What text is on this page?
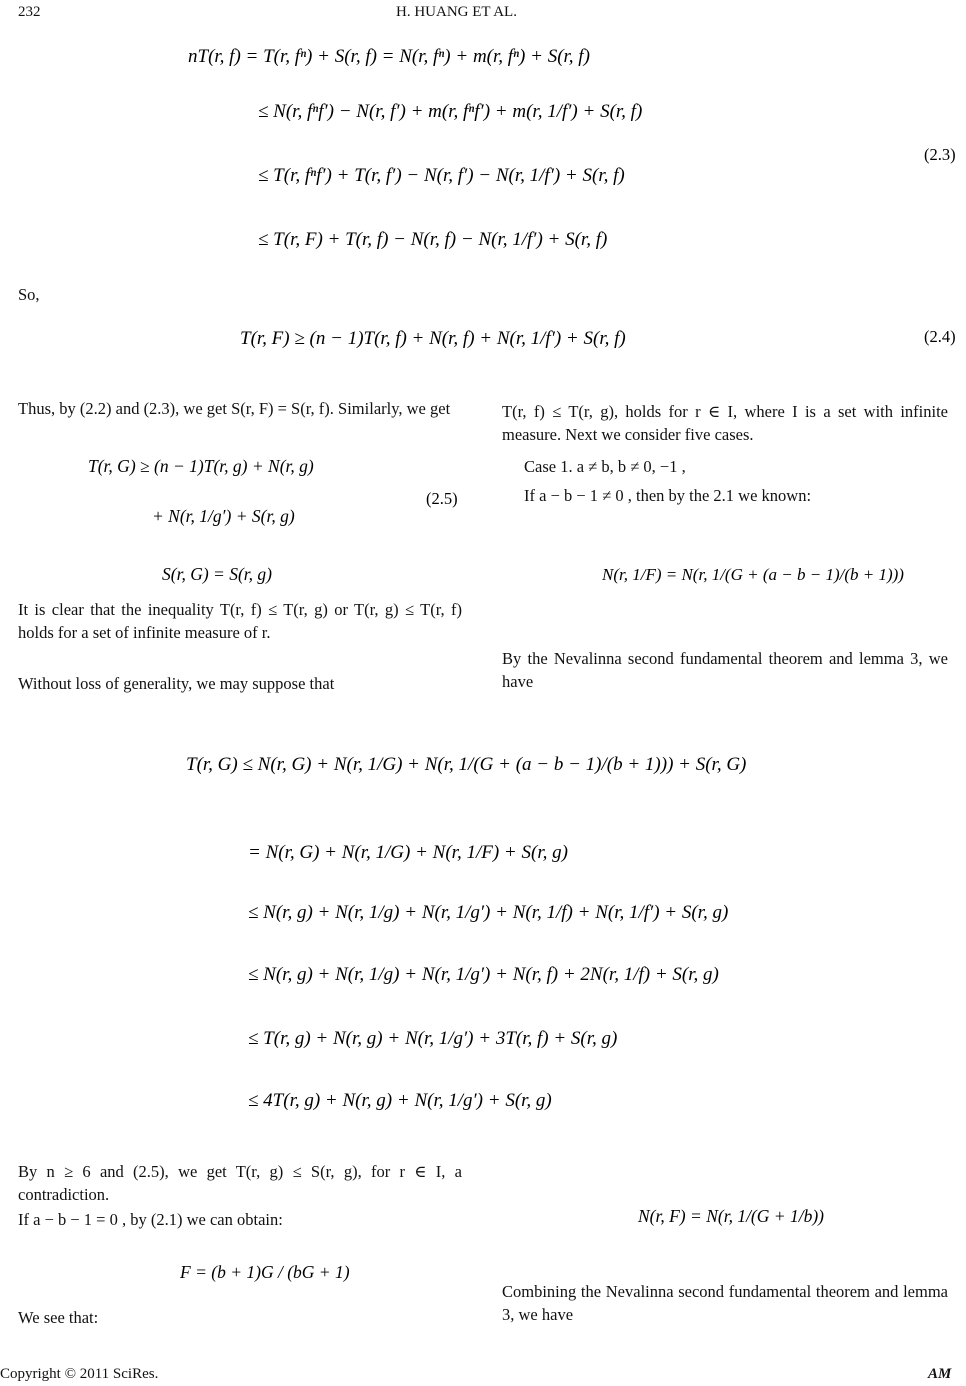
232	H. HUANG ET AL.
nT(r, f) = T(r, fⁿ) + S(r, f) = N(r, fⁿ) + m(r, fⁿ) + S(r, f)
≤ N(r, fⁿf′) − N(r, f′) + m(r, fⁿf′) + m(r, 1/f′) + S(r, f)
≤ T(r, fⁿf′) + T(r, f′) − N(r, f′) − N(r, 1/f′) + S(r, f)
≤ T(r, F) + T(r, f) − N(r, f) − N(r, 1/f′) + S(r, f)
(2.3)
T(r, F) ≥ (n − 1)T(r, f) + N(r, f) + N(r, 1/f′) + S(r, f)	(2.4)
T(r, G) ≥ (n − 1)T(r, g) + N(r, g)
+ N(r, 1/g′) + S(r, g)
S(r, G) = S(r, g)
(2.5)
N(r, 1/F) = N(r, 1/(G + (a − b − 1)/(b + 1)))
T(r, G) ≤ N(r, G) + N(r, 1/G) + N(r, 1/(G + (a − b − 1)/(b + 1))) + S(r, G)
= N(r, G) + N(r, 1/G) + N(r, 1/F) + S(r, g)
≤ N(r, g) + N(r, 1/g) + N(r, 1/g′) + N(r, 1/f) + N(r, 1/f′) + S(r, g)
≤ N(r, g) + N(r, 1/g) + N(r, 1/g′) + N(r, f) + 2N(r, 1/f) + S(r, g)
≤ T(r, g) + N(r, g) + N(r, 1/g′) + 3T(r, f) + S(r, g)
≤ 4T(r, g) + N(r, g) + N(r, 1/g′) + S(r, g)
F = (b + 1)G / (bG + 1)
N(r, F) = N(r, 1/(G + 1/b))
So,
Thus, by (2.2) and (2.3), we get S(r, F) = S(r, f). Similarly, we get
It is clear that the inequality T(r, f) ≤ T(r, g) or T(r, g) ≤ T(r, f) holds for a set of infinite measure of r.
Without loss of generality, we may suppose that
T(r, f) ≤ T(r, g), holds for r ∈ I, where I is a set with infinite measure. Next we consider five cases.
Case 1. a ≠ b, b ≠ 0, −1 ,
If a − b − 1 ≠ 0 , then by the 2.1 we known:
By the Nevalinna second fundamental theorem and lemma 3, we have
By n ≥ 6 and (2.5), we get T(r, g) ≤ S(r, g), for r ∈ I, a contradiction.
If a − b − 1 = 0 , by (2.1) we can obtain:
We see that:
Combining the Nevalinna second fundamental theorem and lemma 3, we have
Copyright © 2011 SciRes.	AM
